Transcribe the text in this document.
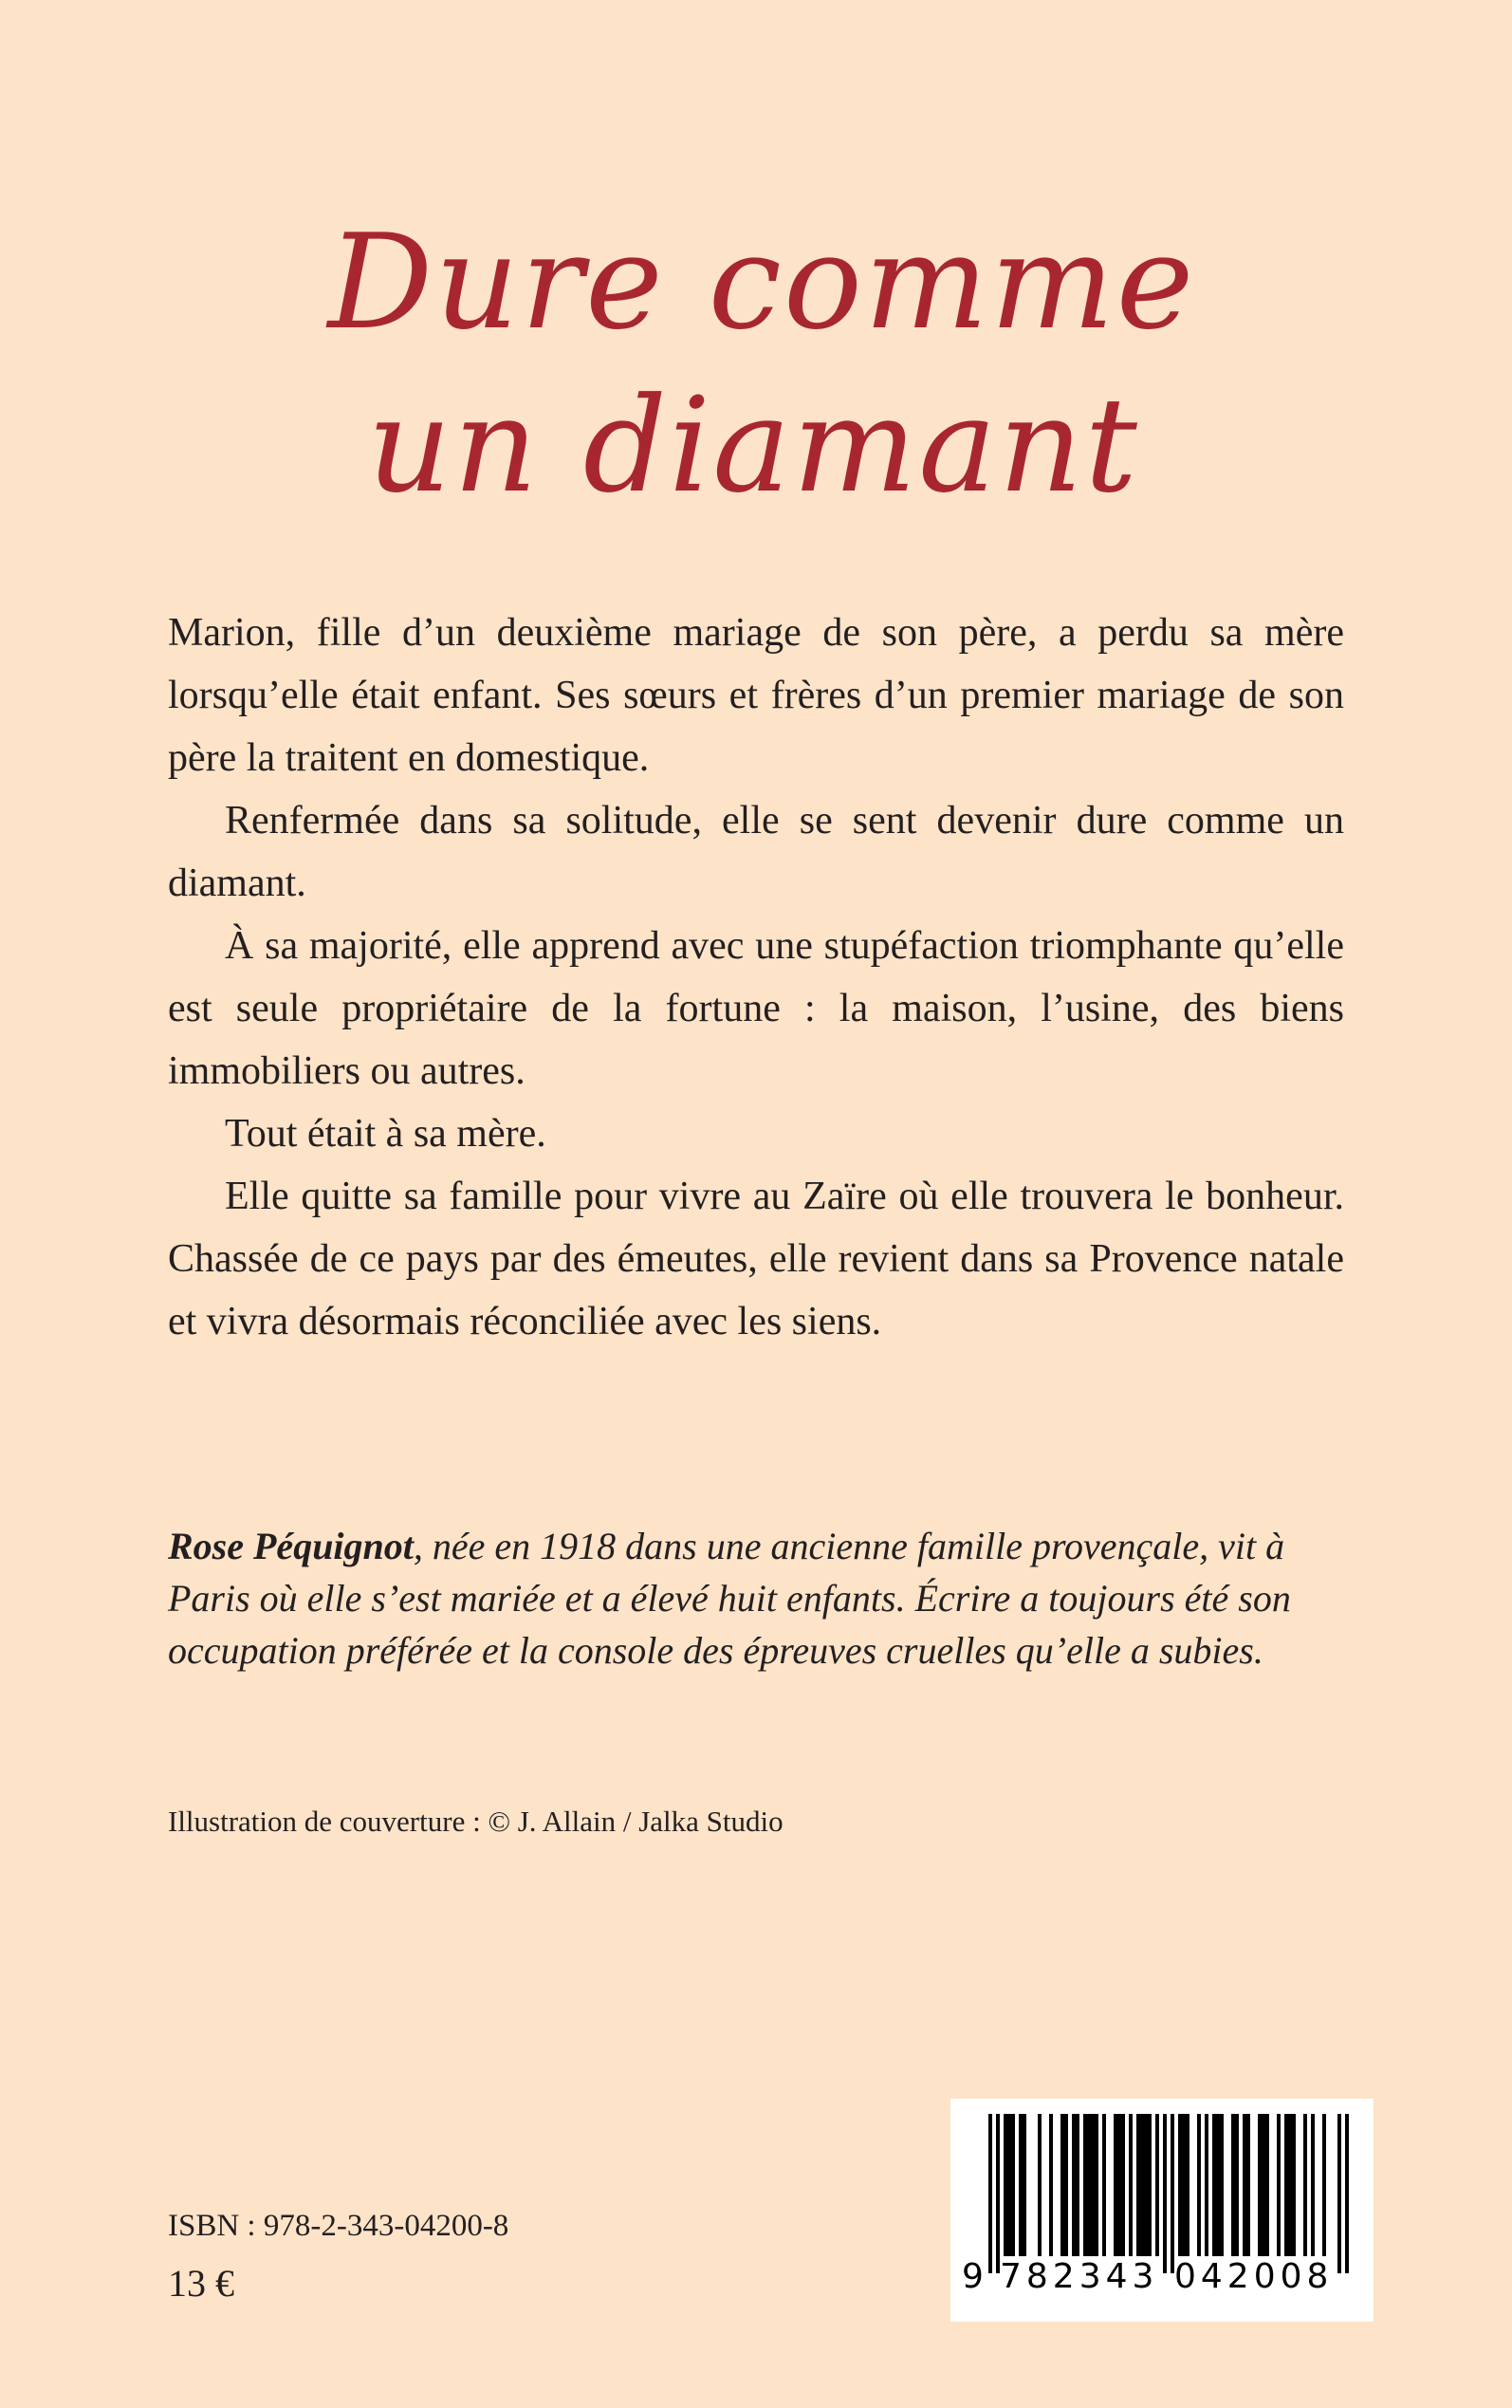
Dure comme
un diamant

Marion, fille d’un deuxième mariage de son père, a perdu sa mère lorsqu’elle était enfant. Ses sœurs et frères d’un premier mariage de son père la traitent en domestique.

Renfermée dans sa solitude, elle se sent devenir dure comme un diamant.

À sa majorité, elle apprend avec une stupéfaction triomphante qu’elle est seule propriétaire de la fortune : la maison, l’usine, des biens immobiliers ou autres.

Tout était à sa mère.

Elle quitte sa famille pour vivre au Zaïre où elle trouvera le bonheur. Chassée de ce pays par des émeutes, elle revient dans sa Provence natale et vivra désormais réconciliée avec les siens.

Rose Péquignot, née en 1918 dans une ancienne famille provençale, vit à Paris où elle s’est mariée et a élevé huit enfants. Écrire a toujours été son occupation préférée et la console des épreuves cruelles qu’elle a subies.
Illustration de couverture : © J. Allain / Jalka Studio
ISBN : 978-2-343-04200-8
13 €	9 782343 042008
